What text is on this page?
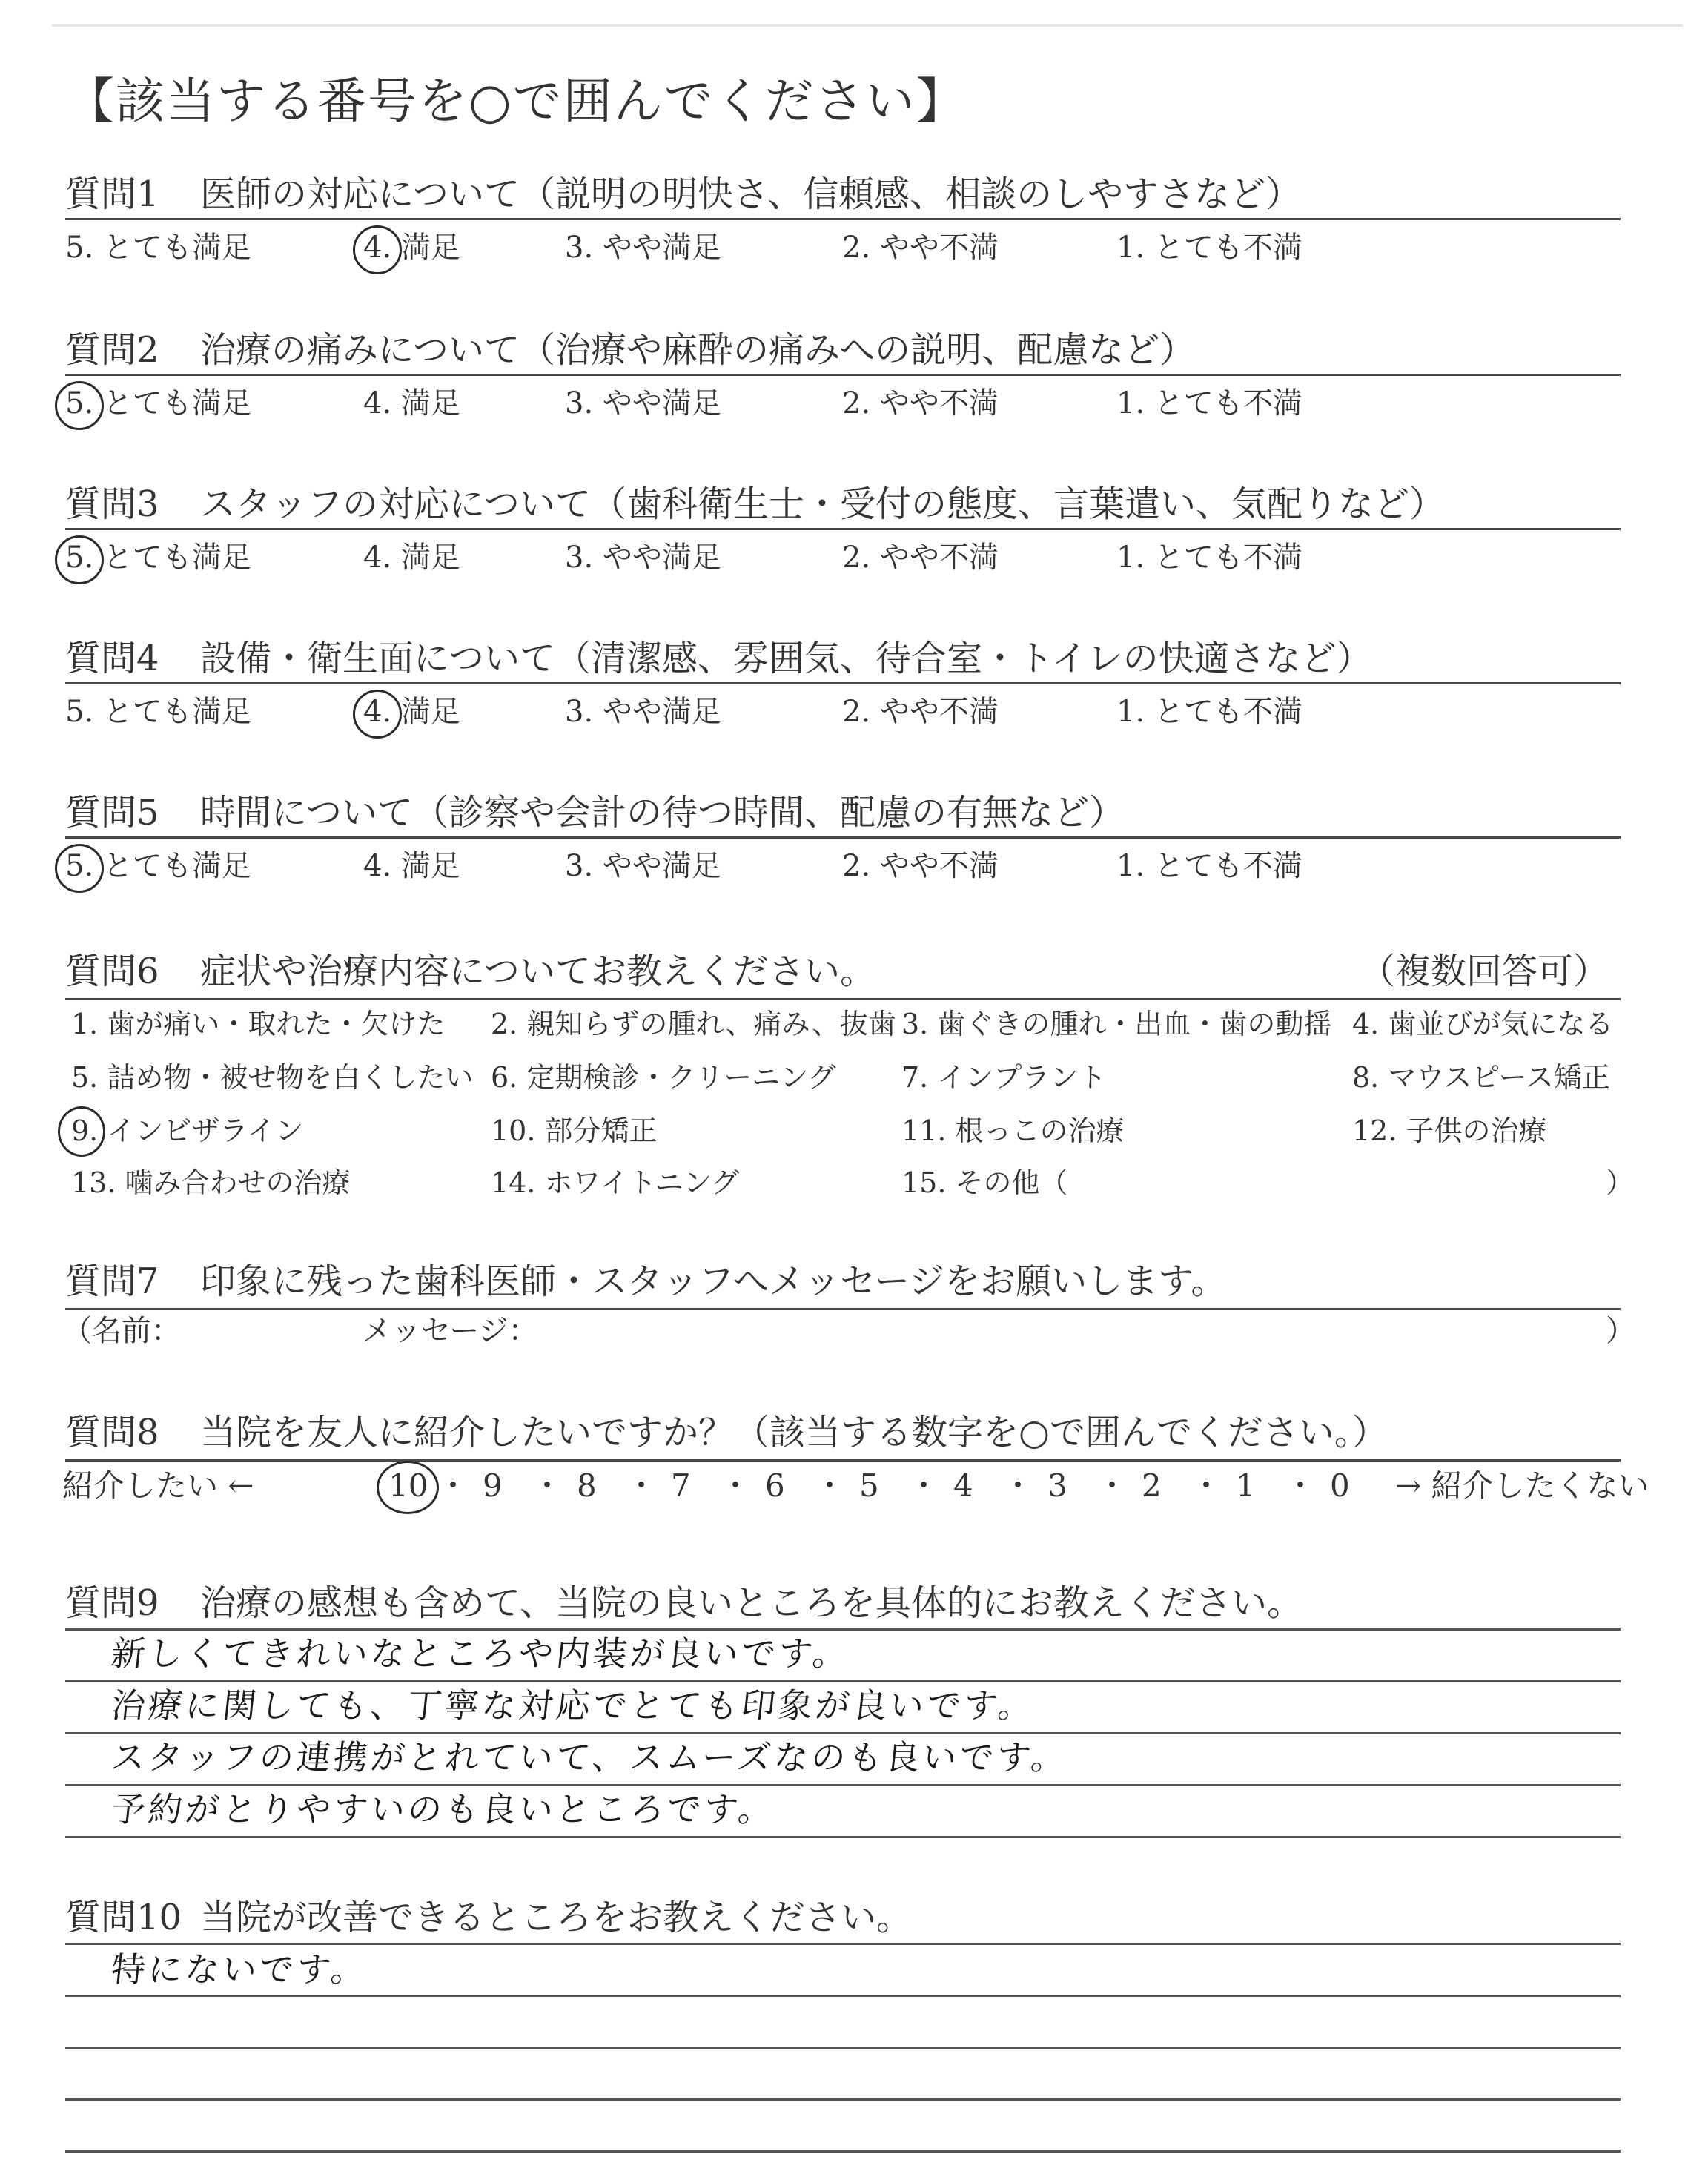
【該当する番号を○で囲んでください】
質問1 医師の対応について（説明の明快さ、信頼感、相談のしやすさなど）
5. とても満足	4. 満足	3. やや満足	2. やや不満	1. とても不満
質問2 治療の痛みについて（治療や麻酔の痛みへの説明、配慮など）
5. とても満足	4. 満足	3. やや満足	2. やや不満	1. とても不満
質問3 スタッフの対応について（歯科衛生士・受付の態度、言葉遣い、気配りなど）
5. とても満足	4. 満足	3. やや満足	2. やや不満	1. とても不満
質問4 設備・衛生面について（清潔感、雰囲気、待合室・トイレの快適さなど）
5. とても満足	4. 満足	3. やや満足	2. やや不満	1. とても不満
質問5 時間について（診察や会計の待つ時間、配慮の有無など）
5. とても満足	4. 満足	3. やや満足	2. やや不満	1. とても不満
質問6 症状や治療内容についてお教えください。	（複数回答可）
1. 歯が痛い・取れた・欠けた 2. 親知らずの腫れ、痛み、抜歯 3. 歯ぐきの腫れ・出血・歯の動揺 4. 歯並びが気になる
5. 詰め物・被せ物を白くしたい 6. 定期検診・クリーニング 7. インプラント	8. マウスピース矯正
9. インビザライン	10. 部分矯正	11. 根っこの治療	12. 子供の治療
13. 噛み合わせの治療	14. ホワイトニング	15. その他（	）
質問7 印象に残った歯科医師・スタッフへメッセージをお願いします。
（名前：	メッセージ：	）
質問8 当院を友人に紹介したいですか？（該当する数字を○で囲んでください。）
紹介したい ←	10 ・ 9 ・ 8 ・ 7 ・ 6 ・ 5 ・ 4 ・ 3 ・ 2 ・ 1 ・ 0 → 紹介したくない
質問9 治療の感想も含めて、当院の良いところを具体的にお教えください。
新しくてきれいなところや内装が良いです。
治療に関しても、丁寧な対応でとても印象が良いです。
スタッフの連携がとれていて、スムーズなのも良いです。
予約がとりやすいのも良いところです。
質問10 当院が改善できるところをお教えください。
特にないです。
